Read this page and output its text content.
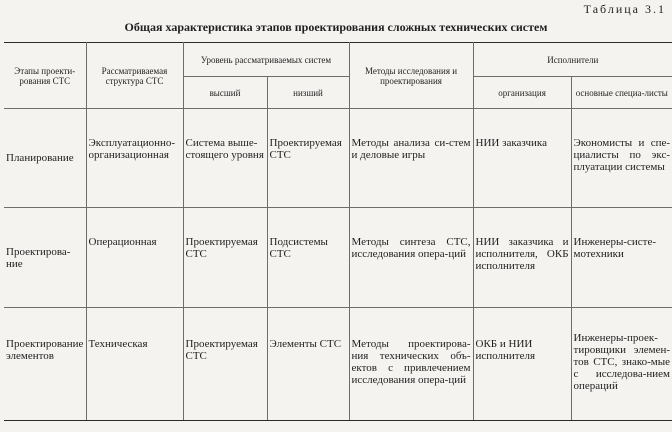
Таблица 3.1
Общая характеристика этапов проектирования сложных технических систем
Этапы проекти-рования СТС	Рассматриваемая структура СТС	Уровень рассматриваемых систем		Методы исследования и проектирования	Исполнители	
		высший	низший		организация	основные специа-листы
Планирование	Эксплуатационно-организационная	Система выше-стоящего уровня	Проектируемая СТС	Методы анализа си-стем и деловые игры	НИИ заказчика	Экономисты и спе-циалисты по экс-плуатации системы
Проектирова-ние	Операционная	Проектируемая СТС	Подсистемы СТС	Методы синтеза СТС, исследования опера-ций	НИИ заказчика и исполнителя, ОКБ исполнителя	Инженеры-систе-мотехники
Проектирование элементов	Техническая	Проектируемая СТС	Элементы СТС	Методы проектирова-ния технических объ-ектов с привлечением исследования опера-ций	ОКБ и НИИ исполнителя	Инженеры-проек-тировщики элемен-тов СТС, знако-мые с исследова-нием операций
